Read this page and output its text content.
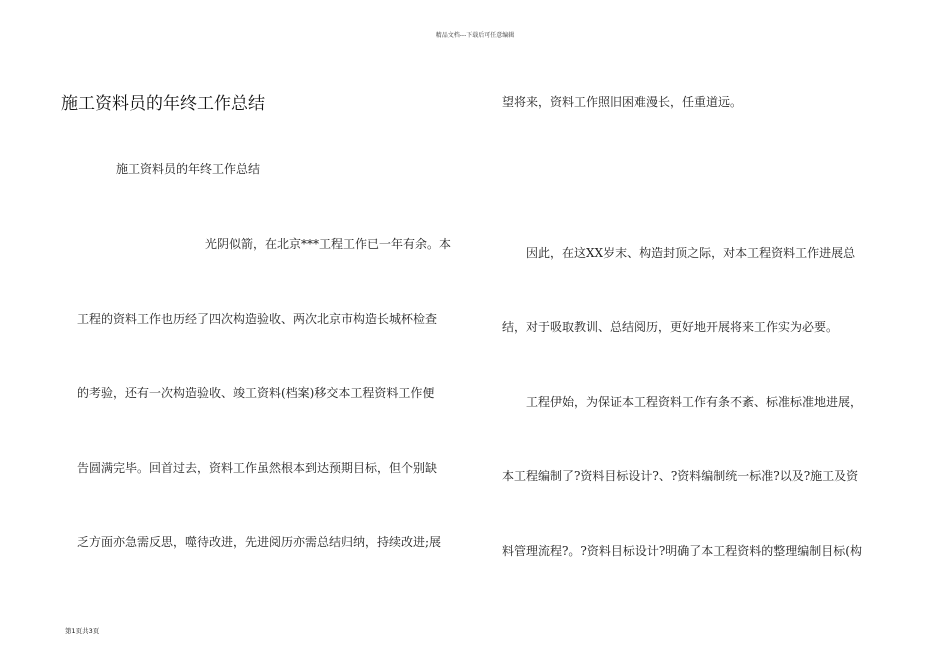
精品文档---下载后可任意编辑
施工资料员的年终工作总结
施工资料员的年终工作总结
光阴似箭，在北京***工程工作已一年有余。本
工程的资料工作也历经了四次构造验收、两次北京市构造长城杯检查
的考验，还有一次构造验收、竣工资料(档案)移交本工程资料工作便
告圆满完毕。回首过去，资料工作虽然根本到达预期目标，但个别缺
乏方面亦急需反思，噬待改进，先进阅历亦需总结归纳，持续改进;展
望将来，资料工作照旧困难漫长，任重道远。
因此，在这XX岁末、构造封顶之际，对本工程资料工作进展总
结，对于吸取教训、总结阅历，更好地开展将来工作实为必要。
工程伊始，为保证本工程资料工作有条不紊、标准标准地进展，
本工程编制了?资料目标设计?、?资料编制统一标准?以及?施工及资
料管理流程?。?资料目标设计?明确了本工程资料的整理编制目标(构
第1页共3页
